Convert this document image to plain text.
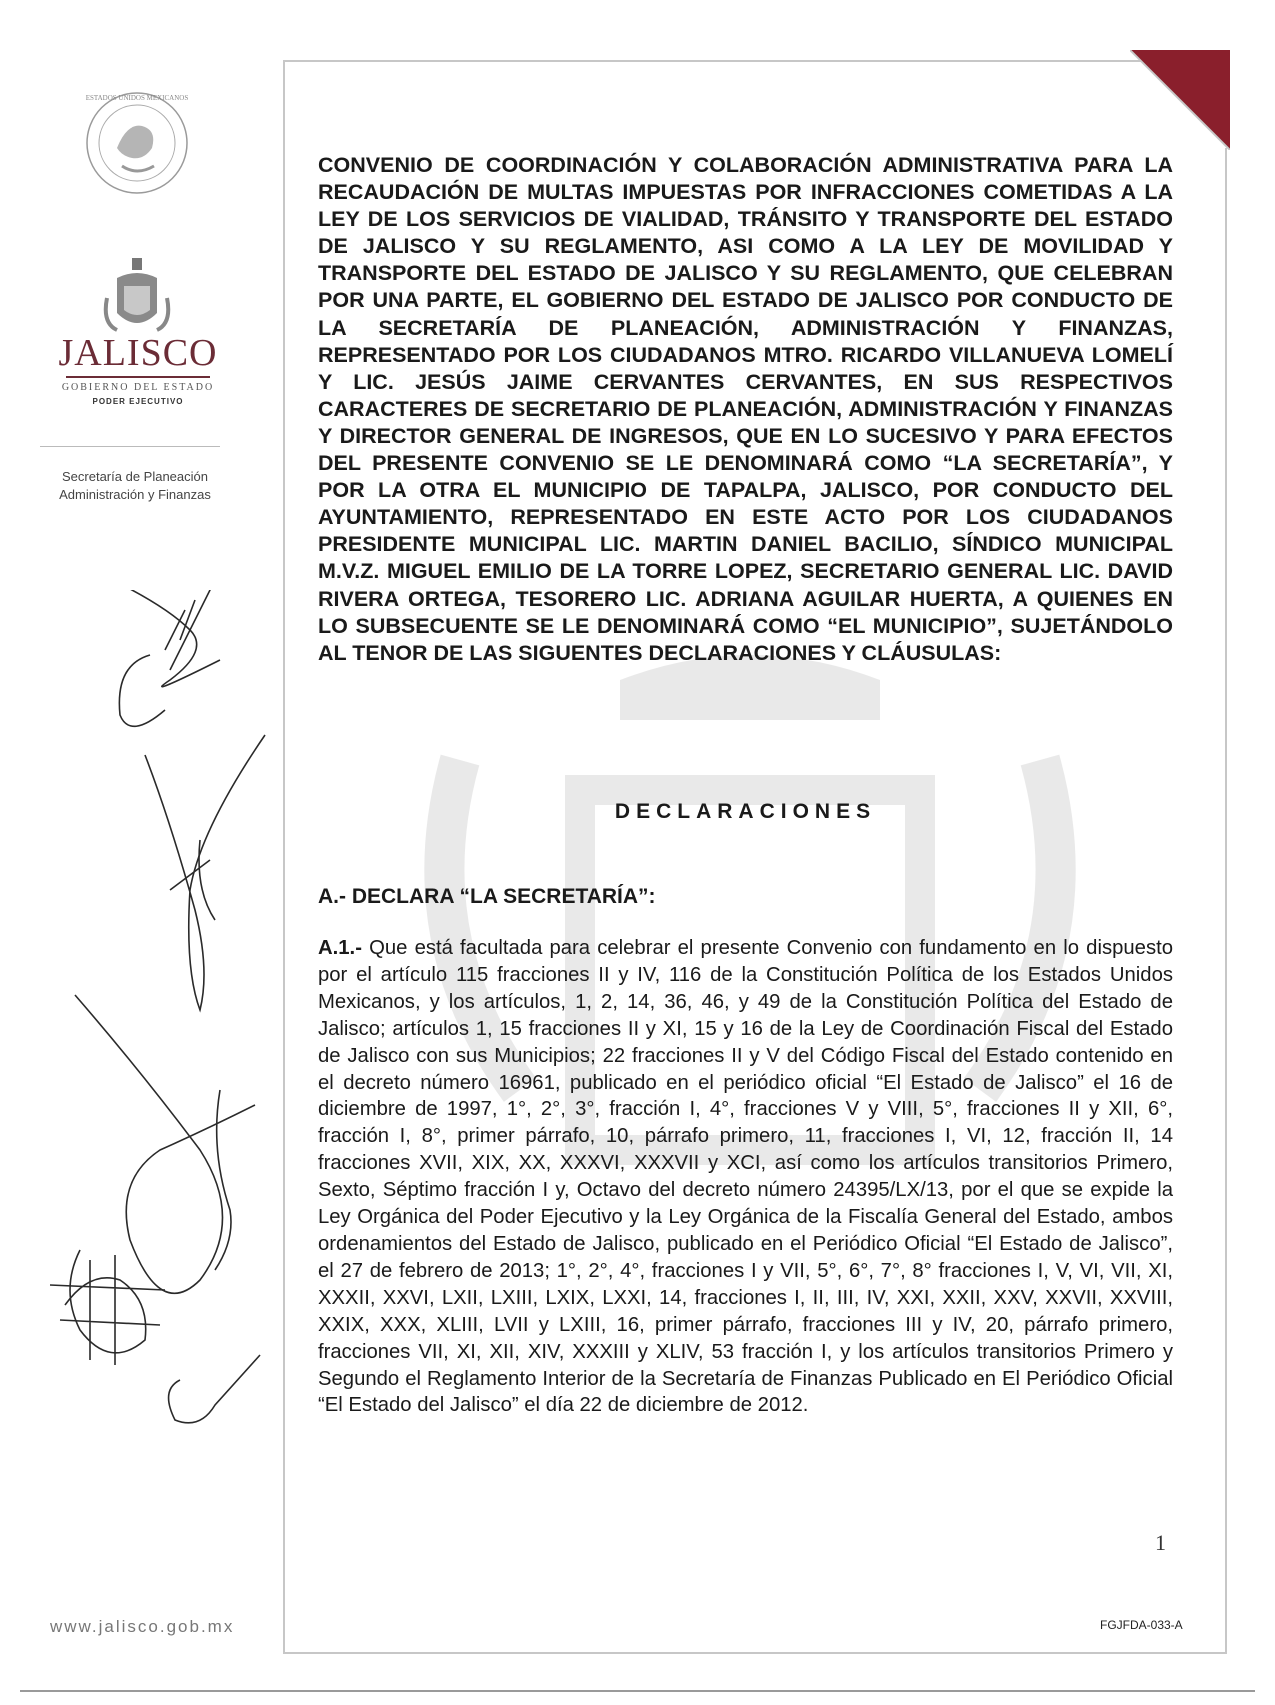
ESTADOS UNIDOS MEXICANOS
JALISCO
GOBIERNO DEL ESTADO
PODER EJECUTIVO
Secretaría de Planeación
Administración y Finanzas
www.jalisco.gob.mx
CONVENIO DE COORDINACIÓN Y COLABORACIÓN ADMINISTRATIVA PARA LA RECAUDACIÓN DE MULTAS IMPUESTAS POR INFRACCIONES COMETIDAS A LA LEY DE LOS SERVICIOS DE VIALIDAD, TRÁNSITO Y TRANSPORTE DEL ESTADO DE JALISCO Y SU REGLAMENTO, ASI COMO A LA LEY DE MOVILIDAD Y TRANSPORTE DEL ESTADO DE JALISCO Y SU REGLAMENTO, QUE CELEBRAN POR UNA PARTE, EL GOBIERNO DEL ESTADO DE JALISCO POR CONDUCTO DE LA SECRETARÍA DE PLANEACIÓN, ADMINISTRACIÓN Y FINANZAS, REPRESENTADO POR LOS CIUDADANOS MTRO. RICARDO VILLANUEVA LOMELÍ Y LIC. JESÚS JAIME CERVANTES CERVANTES, EN SUS RESPECTIVOS CARACTERES DE SECRETARIO DE PLANEACIÓN, ADMINISTRACIÓN Y FINANZAS Y DIRECTOR GENERAL DE INGRESOS, QUE EN LO SUCESIVO Y PARA EFECTOS DEL PRESENTE CONVENIO SE LE DENOMINARÁ COMO “LA SECRETARÍA”, Y POR LA OTRA EL MUNICIPIO DE TAPALPA, JALISCO, POR CONDUCTO DEL AYUNTAMIENTO, REPRESENTADO EN ESTE ACTO POR LOS CIUDADANOS PRESIDENTE MUNICIPAL LIC. MARTIN DANIEL BACILIO, SÍNDICO MUNICIPAL M.V.Z. MIGUEL EMILIO DE LA TORRE LOPEZ, SECRETARIO GENERAL LIC. DAVID RIVERA ORTEGA, TESORERO LIC. ADRIANA AGUILAR HUERTA, A QUIENES EN LO SUBSECUENTE SE LE DENOMINARÁ COMO “EL MUNICIPIO”, SUJETÁNDOLO AL TENOR DE LAS SIGUENTES DECLARACIONES Y CLÁUSULAS:
DECLARACIONES
A.- DECLARA “LA SECRETARÍA”:
A.1.- Que está facultada para celebrar el presente Convenio con fundamento en lo dispuesto por el artículo 115 fracciones II y IV, 116 de la Constitución Política de los Estados Unidos Mexicanos, y los artículos, 1, 2, 14, 36, 46, y 49 de la Constitución Política del Estado de Jalisco; artículos 1, 15 fracciones II y XI, 15 y 16 de la Ley de Coordinación Fiscal del Estado de Jalisco con sus Municipios; 22 fracciones II y V del Código Fiscal del Estado contenido en el decreto número 16961, publicado en el periódico oficial “El Estado de Jalisco” el 16 de diciembre de 1997, 1°, 2°, 3°, fracción I, 4°, fracciones V y VIII, 5°, fracciones II y XII, 6°, fracción I, 8°, primer párrafo, 10, párrafo primero, 11, fracciones I, VI, 12, fracción II, 14 fracciones XVII, XIX, XX, XXXVI, XXXVII y XCI, así como los artículos transitorios Primero, Sexto, Séptimo fracción I y, Octavo del decreto número 24395/LX/13, por el que se expide la Ley Orgánica del Poder Ejecutivo y la Ley Orgánica de la Fiscalía General del Estado, ambos ordenamientos del Estado de Jalisco, publicado en el Periódico Oficial “El Estado de Jalisco”, el 27 de febrero de 2013; 1°, 2°, 4°, fracciones I y VII, 5°, 6°, 7°, 8° fracciones I, V, VI, VII, XI, XXXII, XXVI, LXII, LXIII, LXIX, LXXI, 14, fracciones I, II, III, IV, XXI, XXII, XXV, XXVII, XXVIII, XXIX, XXX, XLIII, LVII y LXIII, 16, primer párrafo, fracciones III y IV, 20, párrafo primero, fracciones VII, XI, XII, XIV, XXXIII y XLIV, 53 fracción I, y los artículos transitorios Primero y Segundo el Reglamento Interior de la Secretaría de Finanzas Publicado en El Periódico Oficial “El Estado del Jalisco” el día 22 de diciembre de 2012.
1
FGJFDA-033-A
